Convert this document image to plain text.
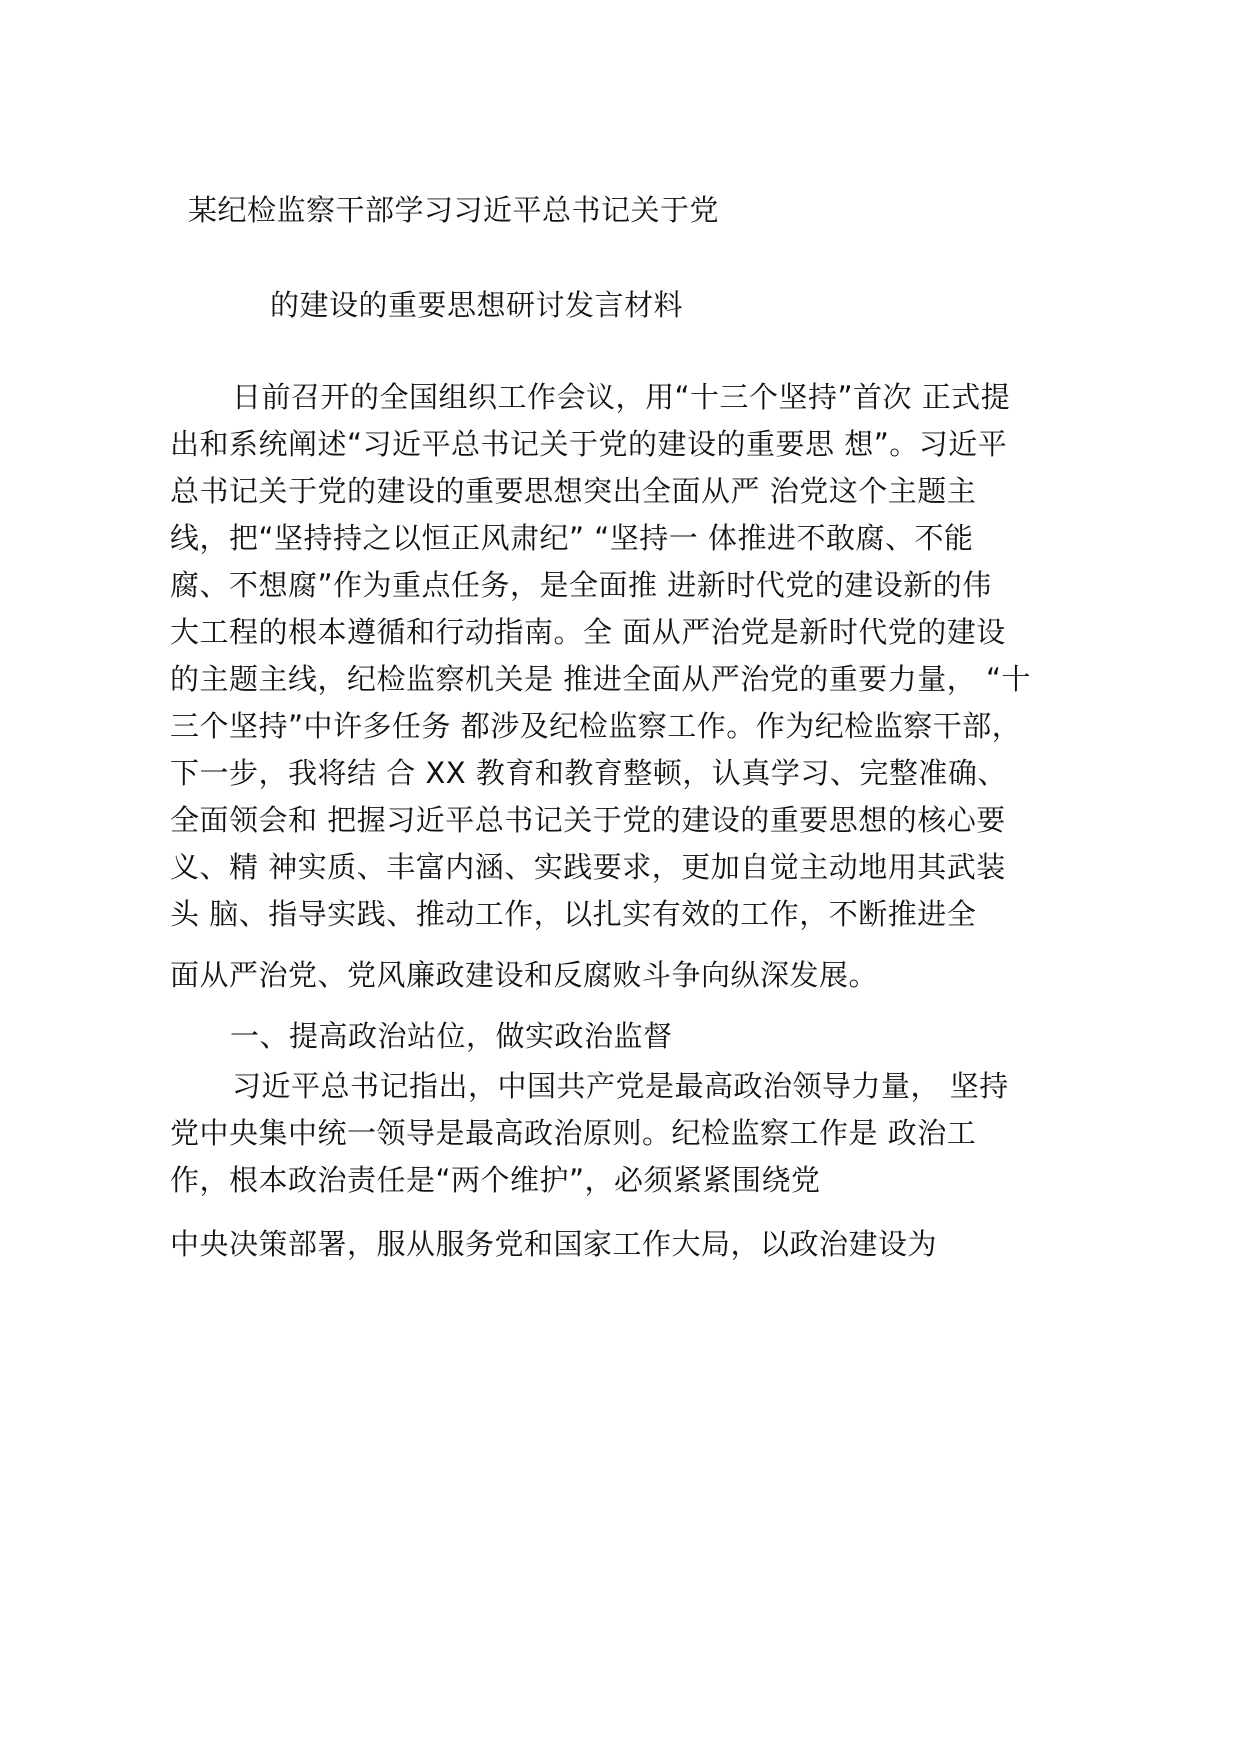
某纪检监察干部学习习近平总书记关于党
的建设的重要思想研讨发言材料
日前召开的全国组织工作会议，用“十三个坚持”首次 正式提
出和系统阐述“习近平总书记关于党的建设的重要思 想”。习近平
总书记关于党的建设的重要思想突出全面从严 治党这个主题主
线，把“坚持持之以恒正风肃纪” “坚持一 体推进不敢腐、不能
腐、不想腐”作为重点任务，是全面推 进新时代党的建设新的伟
大工程的根本遵循和行动指南。全 面从严治党是新时代党的建设
的主题主线，纪检监察机关是 推进全面从严治党的重要力量， “十
三个坚持”中许多任务 都涉及纪检监察工作。作为纪检监察干部，
下一步，我将结 合 XX 教育和教育整顿，认真学习、完整准确、
全面领会和 把握习近平总书记关于党的建设的重要思想的核心要
义、精 神实质、丰富内涵、实践要求，更加自觉主动地用其武装
头 脑、指导实践、推动工作，以扎实有效的工作，不断推进全
面从严治党、党风廉政建设和反腐败斗争向纵深发展。
一、提高政治站位，做实政治监督
习近平总书记指出，中国共产党是最高政治领导力量， 坚持
党中央集中统一领导是最高政治原则。纪检监察工作是 政治工
作，根本政治责任是“两个维护”，必须紧紧围绕党
中央决策部署，服从服务党和国家工作大局，以政治建设为
